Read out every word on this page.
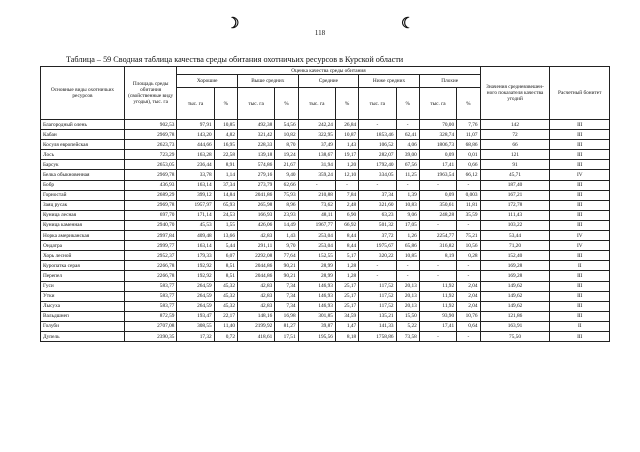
☽	☾
118
Таблица – 59 Сводная таблица качества среды обитания охотничьих ресурсов в Курской области
Основные виды охотничьих ресурсов	Площадь среды обитания (свойственные виду угодья), тыс. га	Оценка качества среды обитания										Значения средневзвешен-ного показателя качества угодий	Расчетный бонитет
		Хорошие		Выше средних		Средние		Ниже средних		Плохие			
		тыс. га	%	тыс. га	%	тыс. га	%	тыс. га	%	тыс. га	%		
Благородный олень	902,53	97,91	10,85	492,38	54,56	242,24	26,84	-	-	70,00	7,76	142	III
Кабан	2969,78	143,20	4,82	321,42	10,82	322,95	10,87	1853,46	62,41	328,74	11,07	72	III
Косуля европейская	2623,73	444,66	16,95	228,33	8,70	37,49	1,43	106,52	4,06	1806,73	68,86	66	III
Лось	723,29	163,28	22,58	139,18	19,24	138,67	19,17	282,07	39,00	0,09	0,01	121	III
Барсук	2653,05	236,44	8,91	574,86	21,67	31,94	1,20	1792,40	67,56	17,41	0,66	91	III
Белка обыкновенная	2969,78	33,78	1,14	279,16	9,40	359,24	12,10	334,05	11,25	1963,54	66,12	45,71	IV
Бобр	436,93	163,14	37,34	273,79	62,66	-	-	-	-	-	-	187,40	III
Горностай	2689,29	399,12	14,84	2041,86	75,93	210,88	7,84	37,34	1,39	0,09	0,003	167,21	III
Заяц русак	2969,78	1957,97	65,93	265,98	8,96	73,62	2,48	321,60	10,83	350,61	11,81	172,78	III
Куница лесная	697,70	171,14	24,53	166,93	23,93	48,11	6,90	63,23	9,06	248,28	35,59	111,43	III
Куница каменная	2940,70	45,53	1,55	426,06	14,49	1967,77	66,92	501,32	17,05	-	-	103,22	III
Норка американская	2997,84	409,48	13,66	42,83	1,43	253,04	8,44	37,72	1,26	2254,77	75,21	53,44	IV
Ондатра	2999,77	163,14	5,44	291,11	9,70	253,04	8,44	1975,67	65,86	316,82	10,56	71,20	IV
Хорь лесной	2952,37	179,33	6,07	2292,08	77,64	152,55	5,17	320,22	10,85	8,19	0,28	152,40	III
Куропатка серая	2266,78	192,92	8,51	2044,86	90,21	28,99	1,28	-	-	-	-	169,28	II
Перепел	2266,78	192,92	8,51	2044,86	90,21	28,99	1,28	-	-	-	-	169,28	III
Гуси	583,77	264,59	45,32	42,83	7,34	146,93	25,17	117,52	20,13	11,92	2,04	149,62	III
Утки	583,77	264,59	45,32	42,83	7,34	146,93	25,17	117,52	20,13	11,92	2,04	149,62	III
Лысуха	583,77	264,59	45,32	42,83	7,34	146,93	25,17	117,52	20,13	11,92	2,04	149,62	III
Вальдшнеп	872,59	193,47	22,17	148,16	16,98	301,85	34,59	135,21	15,50	93,90	10,76	121,86	III
Голуби	2707,08	308,55	11,40	2199,92	81,27	39,87	1,47	141,33	5,22	17,41	0,64	163,91	II
Дупель	2390,35	17,32	0,72	418,61	17,51	195,56	8,18	1758,86	73,58	-	-	75,50	III
